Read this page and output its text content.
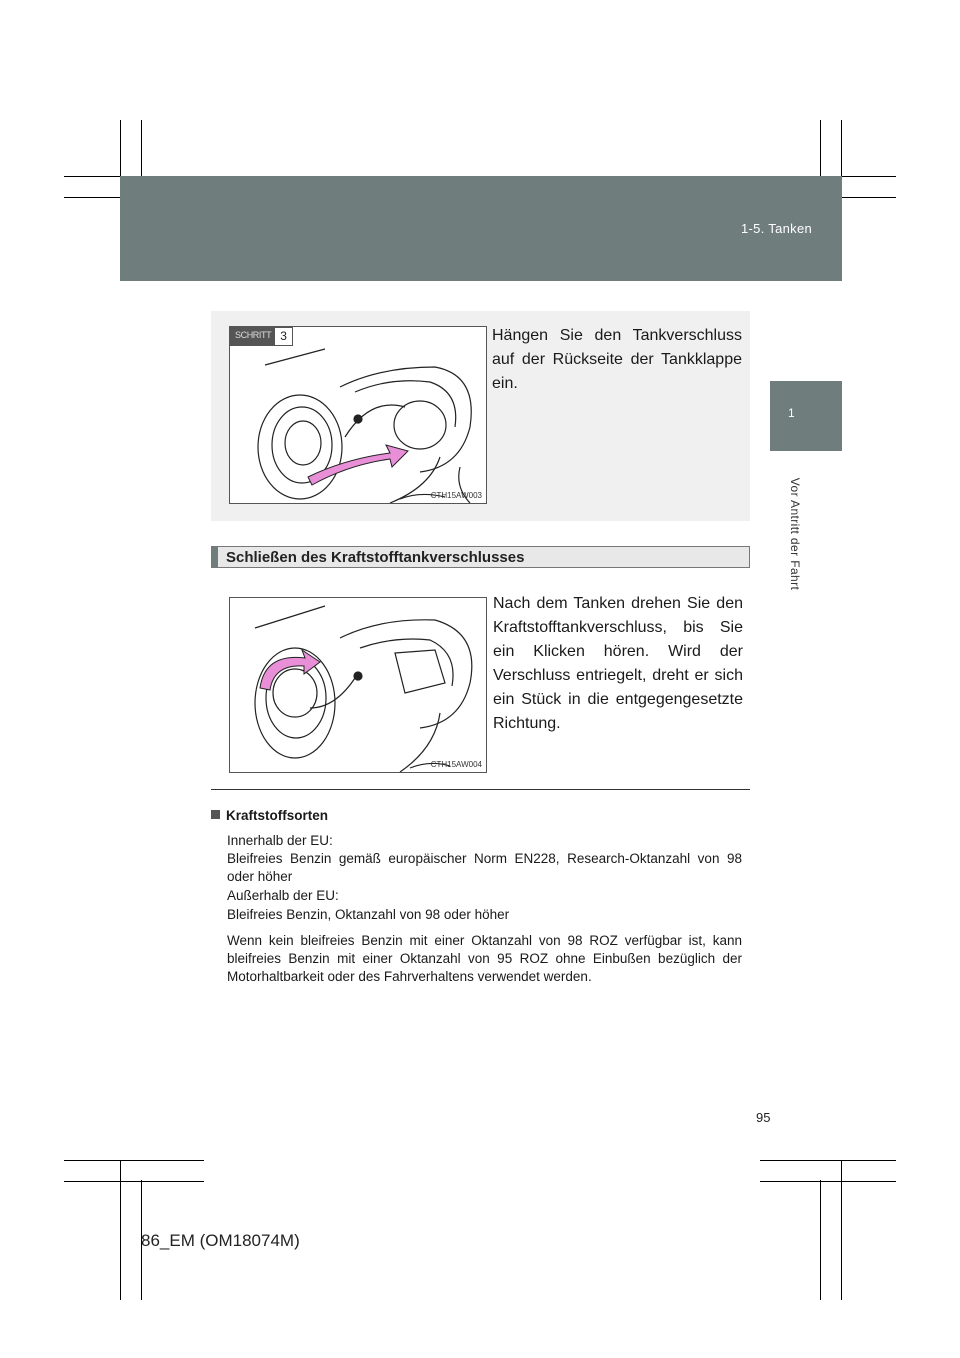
1-5. Tanken
1
Vor Antritt der Fahrt
SCHRITT 3
CTH15AW003
Hängen Sie den Tankverschluss auf der Rückseite der Tankklappe ein.
Schließen des Kraftstofftankverschlusses
CTH15AW004
Nach dem Tanken drehen Sie den Kraftstofftankverschluss, bis Sie ein Klicken hören. Wird der Verschluss entriegelt, dreht er sich ein Stück in die entgegengesetzte Richtung.
Kraftstoffsorten
Innerhalb der EU:
Bleifreies Benzin gemäß europäischer Norm EN228, Research-Oktanzahl von 98 oder höher
Außerhalb der EU:
Bleifreies Benzin, Oktanzahl von 98 oder höher
Wenn kein bleifreies Benzin mit einer Oktanzahl von 98 ROZ verfügbar ist, kann bleifreies Benzin mit einer Oktanzahl von 95 ROZ ohne Einbußen bezüglich der Motorhaltbarkeit oder des Fahrverhaltens verwendet werden.
95
86_EM (OM18074M)
